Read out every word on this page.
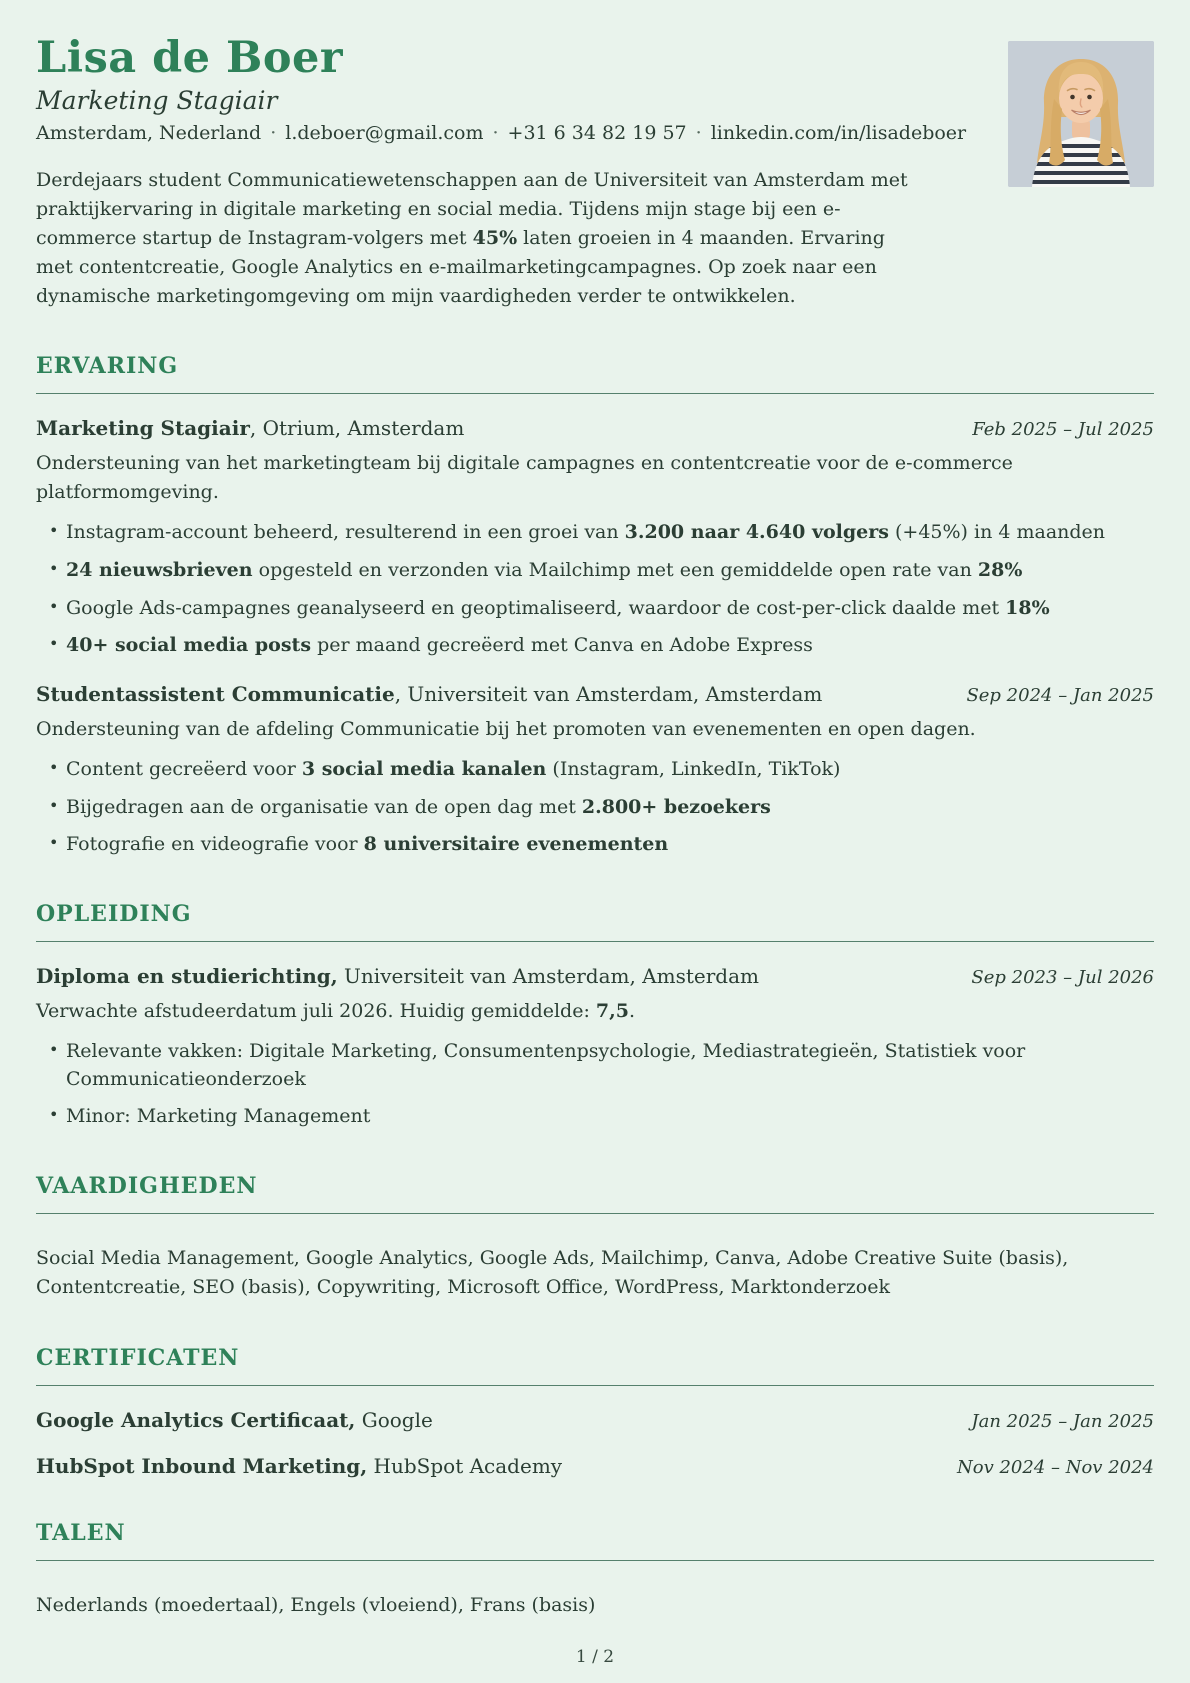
Lisa de Boer
Marketing Stagiair
Amsterdam, Nederland · l.deboer@gmail.com · +31 6 34 82 19 57 · linkedin.com/in/lisadeboer

Derdejaars student Communicatiewetenschappen aan de Universiteit van Amsterdam met praktijkervaring in digitale marketing en social media. Tijdens mijn stage bij een e-commerce startup de Instagram-volgers met 45% laten groeien in 4 maanden. Ervaring met contentcreatie, Google Analytics en e-mailmarketingcampagnes. Op zoek naar een dynamische marketingomgeving om mijn vaardigheden verder te ontwikkelen.

ERVARING
Marketing Stagiair, Otrium, Amsterdam	Feb 2025 – Jul 2025

Ondersteuning van het marketingteam bij digitale campagnes en contentcreatie voor de e-commerce platformomgeving.

• Instagram-account beheerd, resulterend in een groei van 3.200 naar 4.640 volgers (+45%) in 4 maanden
• 24 nieuwsbrieven opgesteld en verzonden via Mailchimp met een gemiddelde open rate van 28%
• Google Ads-campagnes geanalyseerd en geoptimaliseerd, waardoor de cost-per-click daalde met 18%
• 40+ social media posts per maand gecreëerd met Canva en Adobe Express
Studentassistent Communicatie, Universiteit van Amsterdam, Amsterdam	Sep 2024 – Jan 2025

Ondersteuning van de afdeling Communicatie bij het promoten van evenementen en open dagen.

• Content gecreëerd voor 3 social media kanalen (Instagram, LinkedIn, TikTok)
• Bijgedragen aan de organisatie van de open dag met 2.800+ bezoekers
• Fotografie en videografie voor 8 universitaire evenementen
OPLEIDING
Diploma en studierichting, Universiteit van Amsterdam, Amsterdam	Sep 2023 – Jul 2026

Verwachte afstudeerdatum juli 2026. Huidig gemiddelde: 7,5.

• Relevante vakken: Digitale Marketing, Consumentenpsychologie, Mediastrategieën, Statistiek voor Communicatieonderzoek
• Minor: Marketing Management
VAARDIGHEDEN

Social Media Management, Google Analytics, Google Ads, Mailchimp, Canva, Adobe Creative Suite (basis), Contentcreatie, SEO (basis), Copywriting, Microsoft Office, WordPress, Marktonderzoek

CERTIFICATEN
Google Analytics Certificaat, Google	Jan 2025 – Jan 2025
HubSpot Inbound Marketing, HubSpot Academy	Nov 2024 – Nov 2024
TALEN

Nederlands (moedertaal), Engels (vloeiend), Frans (basis)

1 / 2
